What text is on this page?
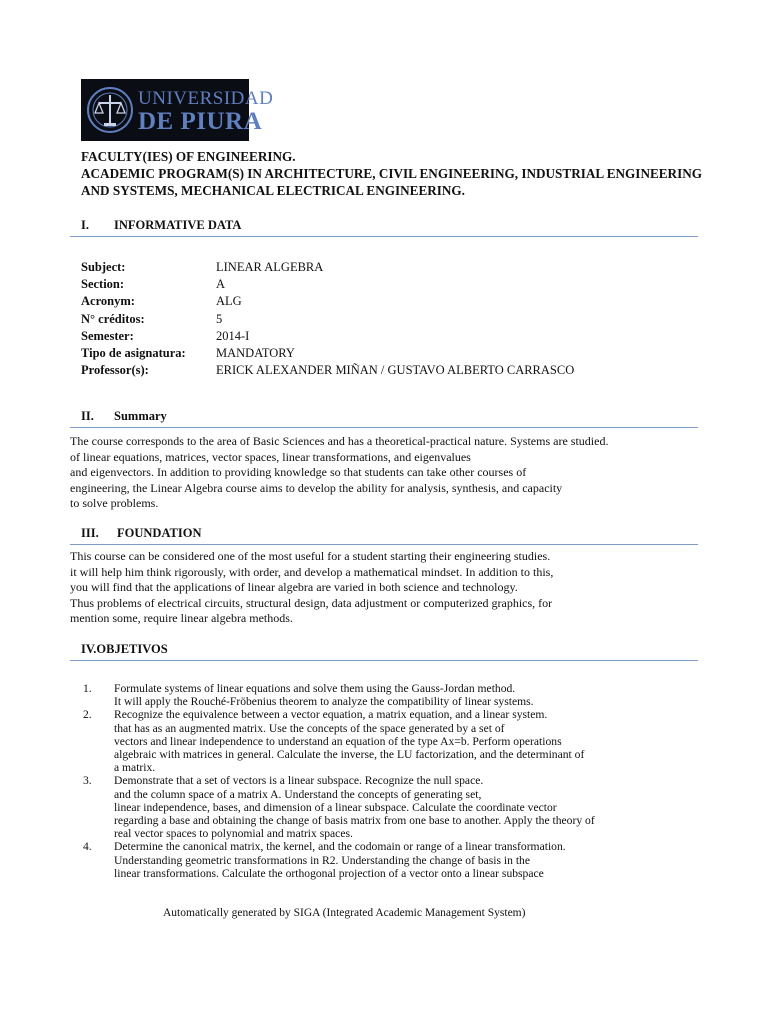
UNIVERSIDAD
DE PIURA
FACULTY(IES) OF ENGINEERING.
ACADEMIC PROGRAM(S) IN ARCHITECTURE, CIVIL ENGINEERING, INDUSTRIAL ENGINEERING
AND SYSTEMS, MECHANICAL ELECTRICAL ENGINEERING.
I. INFORMATIVE DATA
Subject:	LINEAR ALGEBRA
Section:	A
Acronym:	ALG
N° créditos:	5
Semester:	2014-I
Tipo de asignatura:	MANDATORY
Professor(s):	ERICK ALEXANDER MIÑAN / GUSTAVO ALBERTO CARRASCO
II. Summary
The course corresponds to the area of Basic Sciences and has a theoretical-practical nature. Systems are studied.
of linear equations, matrices, vector spaces, linear transformations, and eigenvalues
and eigenvectors. In addition to providing knowledge so that students can take other courses of
engineering, the Linear Algebra course aims to develop the ability for analysis, synthesis, and capacity
to solve problems.
III. FOUNDATION
This course can be considered one of the most useful for a student starting their engineering studies.
it will help him think rigorously, with order, and develop a mathematical mindset. In addition to this,
you will find that the applications of linear algebra are varied in both science and technology.
Thus problems of electrical circuits, structural design, data adjustment or computerized graphics, for
mention some, require linear algebra methods.
IV.OBJETIVOS
1. Formulate systems of linear equations and solve them using the Gauss-Jordan method.
It will apply the Rouché-Fröbenius theorem to analyze the compatibility of linear systems.
2. Recognize the equivalence between a vector equation, a matrix equation, and a linear system.
that has as an augmented matrix. Use the concepts of the space generated by a set of
vectors and linear independence to understand an equation of the type Ax=b. Perform operations
algebraic with matrices in general. Calculate the inverse, the LU factorization, and the determinant of
a matrix.
3. Demonstrate that a set of vectors is a linear subspace. Recognize the null space.
and the column space of a matrix A. Understand the concepts of generating set,
linear independence, bases, and dimension of a linear subspace. Calculate the coordinate vector
regarding a base and obtaining the change of basis matrix from one base to another. Apply the theory of
real vector spaces to polynomial and matrix spaces.
4. Determine the canonical matrix, the kernel, and the codomain or range of a linear transformation.
Understanding geometric transformations in R2. Understanding the change of basis in the
linear transformations. Calculate the orthogonal projection of a vector onto a linear subspace
Automatically generated by SIGA (Integrated Academic Management System)
